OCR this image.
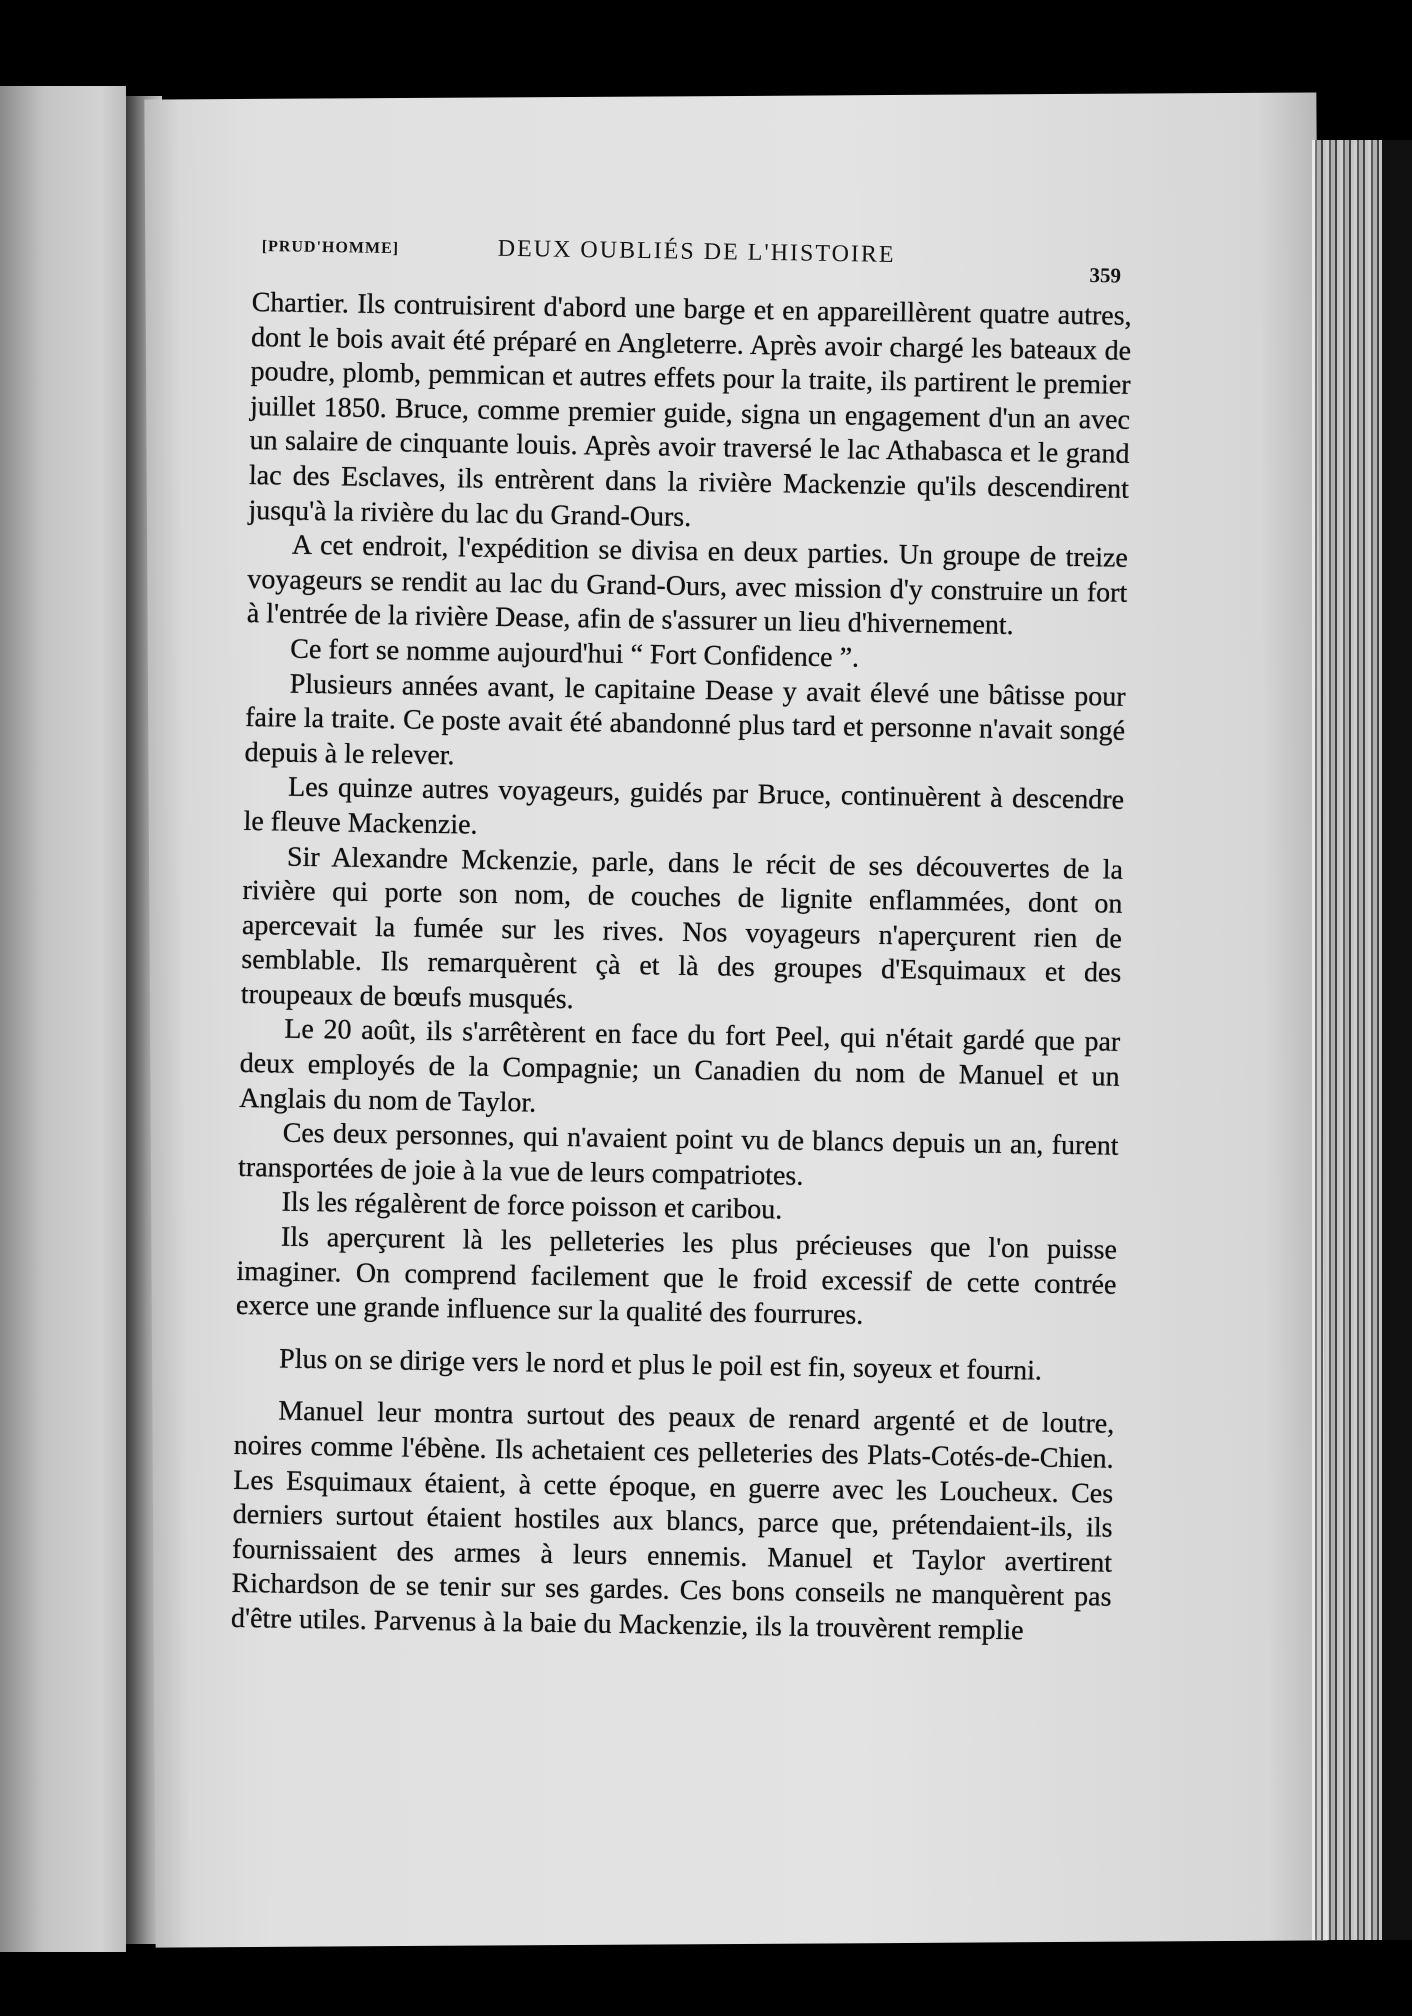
[PRUD'HOMME]	DEUX OUBLIÉS DE L'HISTOIRE
359

Chartier. Ils contruisirent d'abord une barge et en appareillèrent quatre autres, dont le bois avait été préparé en Angleterre. Après avoir chargé les bateaux de poudre, plomb, pemmican et autres effets pour la traite, ils partirent le premier juillet 1850. Bruce, comme premier guide, signa un engagement d'un an avec un salaire de cinquante louis. Après avoir traversé le lac Athabasca et le grand lac des Esclaves, ils entrèrent dans la rivière Mackenzie qu'ils descendirent jusqu'à la rivière du lac du Grand-Ours.

A cet endroit, l'expédition se divisa en deux parties. Un groupe de treize voyageurs se rendit au lac du Grand-Ours, avec mission d'y construire un fort à l'entrée de la rivière Dease, afin de s'assurer un lieu d'hivernement.

Ce fort se nomme aujourd'hui “ Fort Confidence ”.

Plusieurs années avant, le capitaine Dease y avait élevé une bâtisse pour faire la traite. Ce poste avait été abandonné plus tard et personne n'avait songé depuis à le relever.

Les quinze autres voyageurs, guidés par Bruce, continuèrent à descendre le fleuve Mackenzie.

Sir Alexandre Mckenzie, parle, dans le récit de ses découvertes de la rivière qui porte son nom, de couches de lignite enflammées, dont on apercevait la fumée sur les rives. Nos voyageurs n'aperçurent rien de semblable. Ils remarquèrent çà et là des groupes d'Esquimaux et des troupeaux de bœufs musqués.

Le 20 août, ils s'arrêtèrent en face du fort Peel, qui n'était gardé que par deux employés de la Compagnie; un Canadien du nom de Manuel et un Anglais du nom de Taylor.

Ces deux personnes, qui n'avaient point vu de blancs depuis un an, furent transportées de joie à la vue de leurs compatriotes.

Ils les régalèrent de force poisson et caribou.

Ils aperçurent là les pelleteries les plus précieuses que l'on puisse imaginer. On comprend facilement que le froid excessif de cette contrée exerce une grande influence sur la qualité des fourrures.

Plus on se dirige vers le nord et plus le poil est fin, soyeux et fourni.

Manuel leur montra surtout des peaux de renard argenté et de loutre, noires comme l'ébène. Ils achetaient ces pelleteries des Plats-Cotés-de-Chien. Les Esquimaux étaient, à cette époque, en guerre avec les Loucheux. Ces derniers surtout étaient hostiles aux blancs, parce que, prétendaient-ils, ils fournissaient des armes à leurs ennemis. Manuel et Taylor avertirent Richardson de se tenir sur ses gardes. Ces bons conseils ne manquèrent pas d'être utiles. Parvenus à la baie du Mackenzie, ils la trouvèrent remplie
